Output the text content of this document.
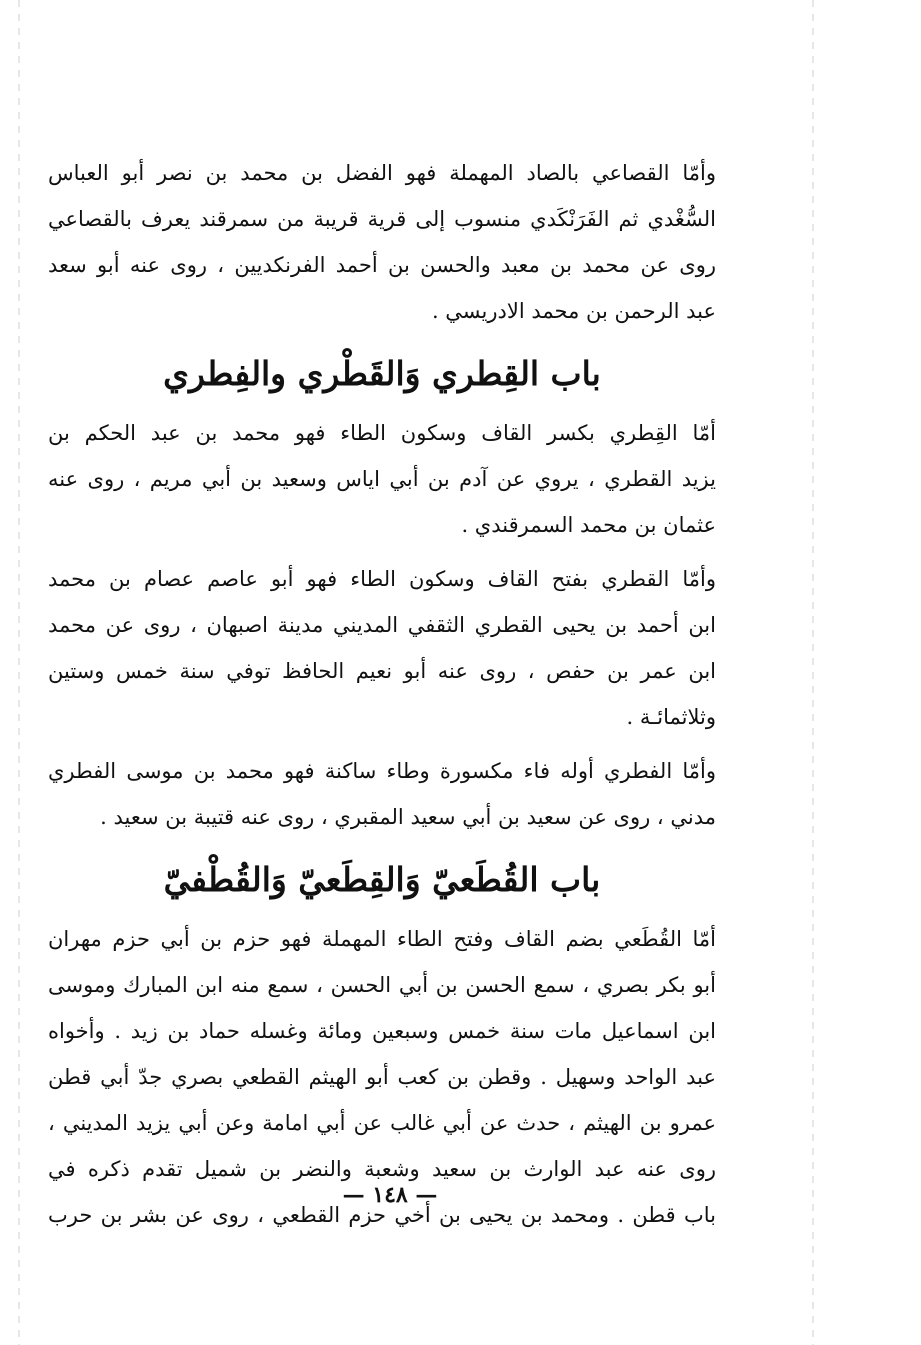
وأمّا القصاعي بالصاد المهملة فهو الفضل بن محمد بن نصر أبو العباس
السُّغْدي ثم الفَرَنْكَدي منسوب إلى قرية قريبة من سمرقند يعرف بالقصاعي
روى عن محمد بن معبد والحسن بن أحمد الفرنكديين ، روى عنه أبو سعد
عبد الرحمن بن محمد الادريسي .
باب القِطري وَالقَطْري والفِطري
أمّا القِطري بكسر القاف وسكون الطاء فهو محمد بن عبد الحكم بن
يزيد القطري ، يروي عن آدم بن أبي اياس وسعيد بن أبي مريم ، روى عنه
عثمان بن محمد السمرقندي .
وأمّا القطري بفتح القاف وسكون الطاء فهو أبو عاصم عصام بن محمد
ابن أحمد بن يحيى القطري الثقفي المديني مدينة اصبهان ، روى عن محمد
ابن عمر بن حفص ، روى عنه أبو نعيم الحافظ توفي سنة خمس وستين
وثلاثمائـة .
وأمّا الفطري أوله فاء مكسورة وطاء ساكنة فهو محمد بن موسى الفطري
مدني ، روى عن سعيد بن أبي سعيد المقبري ، روى عنه قتيبة بن سعيد .
باب القُطَعيّ وَالقِطَعيّ وَالقُطْفيّ
أمّا القُطَعي بضم القاف وفتح الطاء المهملة فهو حزم بن أبي حزم مهران
أبو بكر بصري ، سمع الحسن بن أبي الحسن ، سمع منه ابن المبارك وموسى
ابن اسماعيل مات سنة خمس وسبعين ومائة وغسله حماد بن زيد . وأخواه
عبد الواحد وسهيل . وقطن بن كعب أبو الهيثم القطعي بصري جدّ أبي قطن
عمرو بن الهيثم ، حدث عن أبي غالب عن أبي امامة وعن أبي يزيد المديني ،
روى عنه عبد الوارث بن سعيد وشعبة والنضر بن شميل تقدم ذكره في
باب قطن . ومحمد بن يحيى بن أخي حزم القطعي ، روى عن بشر بن حرب
— ١٤٨ —
